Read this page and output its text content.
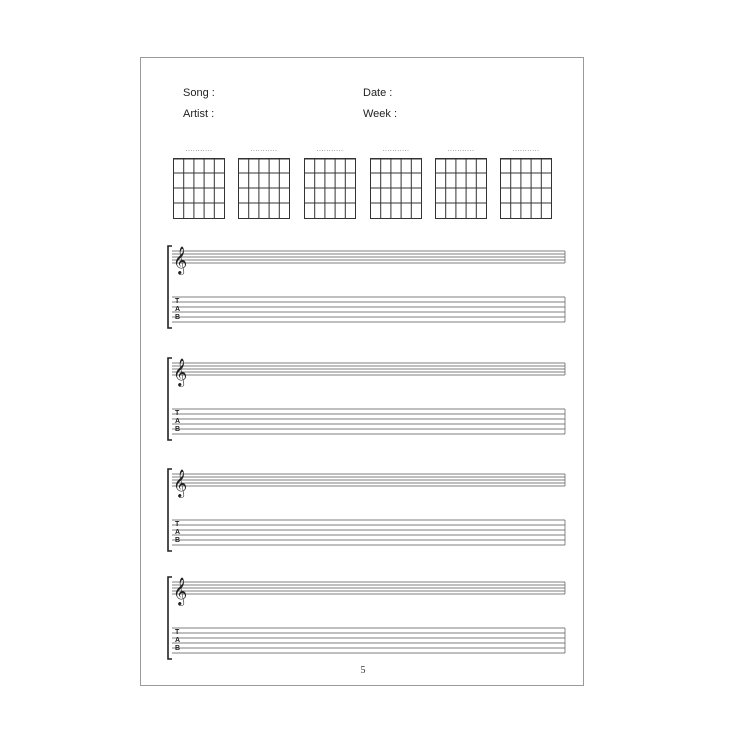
Song :
Artist :
Date :
Week :
...........	...........	...........	...........	...........	...........
𝄞
T A B
𝄞
T A B
𝄞
T A B
𝄞
T A B
5
